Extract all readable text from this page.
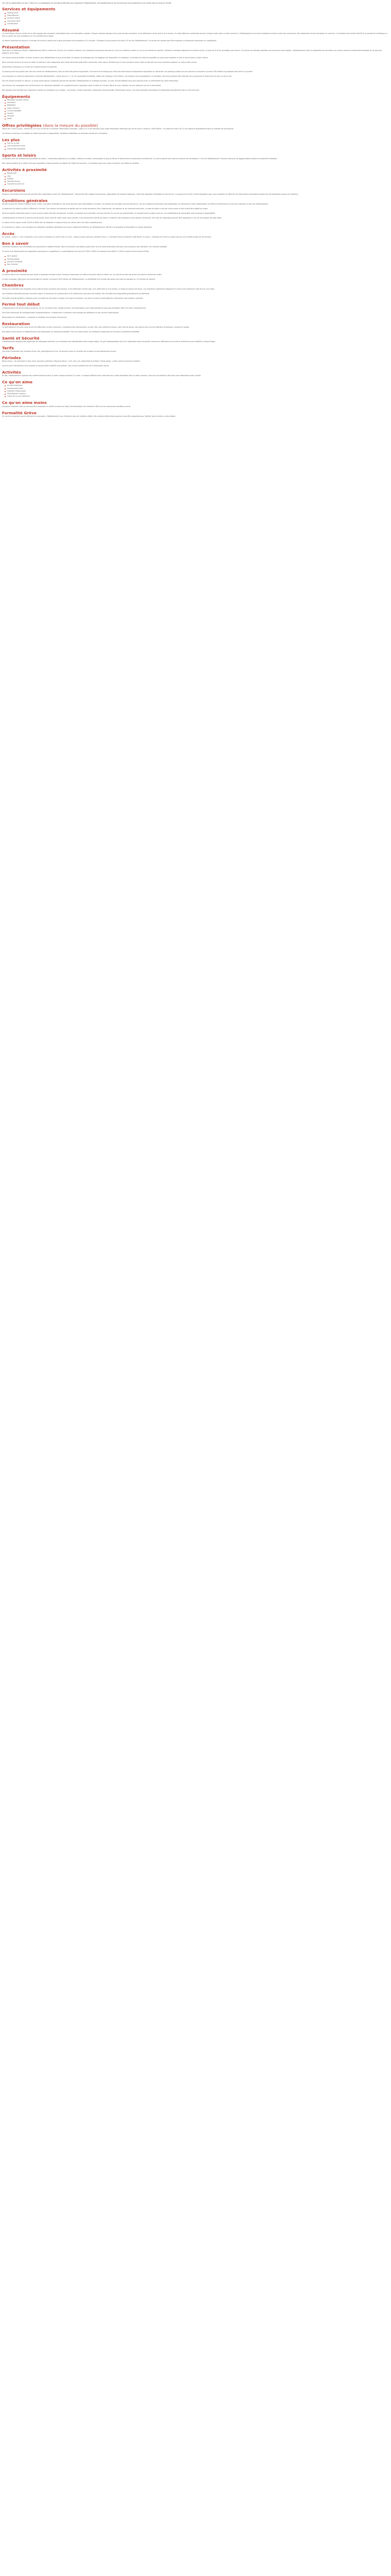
Ceci est la présentation du site. Il décrit en un paragraphe les principaux éléments qui composent l'établissement, ses équipements et les services que nous proposons à nos clients tout au long de l'année.

Services et équipements
Parking privé
Petit-déjeuner
Animaux admis
Connexion Wi-Fi
Climatisation
Résumé

Le Guest Room situé au centre de la ville propose des chambres confortables avec une décoration soignée. Chaque chambre dispose d'une salle de bains privative, d'une télévision à écran plat et d'un bureau. Un petit-déjeuner continental est servi chaque matin dans la salle commune. L'établissement se trouve à quelques minutes à pied des commerces, des restaurants et des transports en commun. La réception est ouverte 24h/24 et le personnel multilingue se fera un plaisir de vous renseigner sur les activités de la région.

Le centre historique se trouve à 5 minutes de marche, tandis que la gare principale est accessible en 10 minutes. L'aéroport le plus proche est situé à 25 km de l'établissement. Un service de navette peut être organisé sur demande moyennant un supplément.

Présentation

Situé dans un bâtiment rénové, l'établissement allie le charme de l'ancien et le confort moderne. Les chambres lumineuses donnent sur une cour intérieure calme ou sur la rue animée du quartier. Certaines chambres disposent d'un balcon privé. Le linge de lit et les serviettes sont fournis. Un service de ménage quotidien est assuré par notre équipe. L'établissement met à la disposition de ses hôtes une cuisine commune entièrement équipée où ils pourront préparer leurs repas.

Les clients peuvent profiter du salon commun avec bibliothèque et jeux de société. Un espace de stockage pour les bagages est disponible à la réception. La location de vélos est possible sur place pour explorer la ville et ses environs à votre rythme.

Nous sommes heureux de vous accueillir et restons à votre disposition pour toute demande particulière concernant votre séjour. N'hésitez pas à nous contacter avant votre arrivée afin que nous puissions préparer au mieux votre venue.

Informations pratiques sur l'accès et le stationnement à proximité.

Le parking privé est gratuit pour tous les clients de l'établissement, dans la limite des places disponibles. Une borne de recharge pour véhicules électriques est également disponible sur demande. Les parkings publics les plus proches se trouvent à environ 300 mètres et proposent des tarifs à la journée.

Les transports en commun desservent le quartier régulièrement : lignes de bus 3, 7 et 12 à proximité immédiate, station de tramway à 400 mètres. Les horaires sont consultables à la réception. Des taxis peuvent être réservés par le personnel à toute heure du jour ou de la nuit.

Pour les clients arrivant en voiture, un accès facile depuis l'autoroute permet de rejoindre l'établissement en quelques minutes. Un plan d'accès détaillé vous sera transmis avec la confirmation de votre réservation.

Les animaux de compagnie sont les bienvenus sur demande préalable. Un supplément peut s'appliquer selon la taille de l'animal. Merci de nous informer de leur présence lors de la réservation.

Nos équipes sont formées pour répondre à toutes vos questions sur la région : excursions, visites culturelles, restaurants recommandés, événements locaux. Une documentation touristique est disponible gratuitement dans le hall d'accueil.

Équipements
Réception ouverte 24h/24
Ascenseur
Bagagerie
Salon commun
Cuisine partagée
Laverie
Terrasse
Jardin
Offres privilégiées (dans la mesure du possible)

Séjour de 3 nuits ou plus : remise de 10 % sur le tarif de la chambre. Réservation anticipée : jusqu'à 15 % de réduction pour toute réservation effectuée plus de 60 jours à l'avance. Offre famille : un enfant de moins de 12 ans séjourne gratuitement dans la chambre de ses parents.

Les offres ne sont pas cumulables et restent soumises à disponibilité. Conditions détaillées sur demande auprès de la réception.

Les plus
Vue sur la ville
Cour intérieure calme
Proche des transports
Sports et loisirs

Le quartier offre de nombreuses possibilités de loisirs : randonnées pédestres et cyclistes, visites de musées, promenades le long du fleuve et découverte du patrimoine architectural. Un centre sportif avec piscine couverte est accessible à 1 km de l'établissement. Plusieurs parcours de jogging balisés partent à proximité immédiate.

Des visites guidées de la vieille ville sont organisées chaque semaine au départ de l'office de tourisme. La réception peut vous aider à réserver vos billets et activités.

Activités à proximité
Randonnée
Vélo
Musées
Marchés locaux
Concerts en plein air
Excursions

Plusieurs excursions d'une journée peuvent être organisées à partir de l'établissement : découverte des villages environnants, dégustation de produits régionaux, visite des vignobles et balades en bord de lac. Le personnel se tient à votre disposition pour vous conseiller et effectuer les réservations nécessaires auprès de nos partenaires locaux de confiance.

Conditions générales

Arrivée à partir de 15h00 et départ avant 11h00. Une pièce d'identité et une carte bancaire sont demandées à l'arrivée. Les enfants de tous âges sont les bienvenus. Les lits d'appoint et berceaux sont disponibles sur demande et selon disponibilité. Les fêtes et événements ne sont pas autorisés au sein de l'établissement.

Le paiement du solde du séjour s'effectue à l'arrivée. Les moyens de paiement acceptés sont les cartes bancaires (Visa, Mastercard), les espèces et les virements bancaires. La taxe de séjour n'est pas incluse dans le tarif et doit être réglée sur place.

Toute annulation effectuée jusqu'à 7 jours avant la date d'arrivée est gratuite. Au-delà, le montant de la première nuit sera facturé. En cas de non-présentation, le montant total du séjour sera dû. Les modifications de réservation sont soumises à disponibilité.

L'établissement se réserve le droit de pré-autoriser votre carte de crédit avant votre arrivée. Il est strictement interdit de fumer à l'intérieur des chambres et des parties communes. Des frais de nettoyage pourront être appliqués en cas de non-respect de cette règle.

Le calme est de rigueur entre 22h00 et 8h00 afin de respecter le repos de tous les clients. Merci de votre compréhension.

En réservant un séjour, vous acceptez les présentes conditions générales ainsi que le règlement intérieur de l'établissement, affiché à la réception et disponible sur simple demande.

Accès

En voiture : sortie n° 4 de l'autoroute, puis suivre la direction du centre-ville. En train : depuis la gare centrale, prendre le bus n° 7 direction Place du Marché, arrêt Mairie. En avion : l'aéroport est relié au centre-ville par une navette toutes les 30 minutes.

Bon à savoir

Certaines chambres sont accessibles aux personnes à mobilité réduite. Merci de préciser vos besoins particuliers lors de votre réservation afin que nous puissions vous attribuer une chambre adaptée.

Un service de blanchisserie est disponible moyennant un supplément. Le petit-déjeuner est servi de 7h00 à 10h00 en semaine et de 8h00 à 11h00 le week-end et les jours fériés.

Wi-Fi gratuit
Parking gratuit
Animaux acceptés
Non-fumeurs
À proximité

Le centre-ville et ses commerces sont situés à quelques minutes à pied. Plusieurs restaurants et cafés se trouvent dans la même rue. Le marché couvert est ouvert du mardi au dimanche matin.

Le parc municipal, idéal pour une promenade en famille, se trouve à 200 mètres de l'établissement. La cathédrale et le musée des beaux-arts sont accessibles en 10 minutes de marche.

Chambres

Toutes nos chambres sont équipées d'une salle de bains privative avec douche, d'une télévision à écran plat, d'un coffre-fort et d'un bureau. Le linge de maison est fourni. Les chambres supérieures disposent en outre d'une machine à café et d'un coin salon.

Les chambres familiales peuvent accueillir jusqu'à 4 personnes et comprennent un lit double ainsi que deux lits simples. Des lits bébé sont disponibles gratuitement sur demande.

Consultez la grille tarifaire ci-dessous pour connaître les prix selon la saison et le type de chambre. Les tarifs incluent le petit-déjeuner continental, sauf mention contraire.

Fermé tout début

L'établissement est fermé chaque année du 1er au 15 janvier pour congés annuels. Les réservations pour cette période ne sont pas acceptées. Merci de votre compréhension.

Pour toute demande de renseignements complémentaires, n'hésitez pas à contacter notre équipe par téléphone ou par courrier électronique.

Réservations et informations : contactez la réception aux horaires d'ouverture.

Restauration

Le petit-déjeuner est servi sous forme de buffet dans la salle commune. Il comprend des viennoiseries, du pain frais, des confitures maison, des fruits de saison, des yaourts ainsi qu'une sélection de boissons chaudes et froides.

Des options sans gluten et végétariennes sont disponibles sur demande préalable. Pour les autres repas, de nombreux restaurants se trouvent à proximité immédiate.

Santé et Sécurité

L'établissement applique des protocoles de nettoyage renforcés. Les chambres sont désinfectées entre chaque séjour. Du gel hydroalcoolique est mis à disposition dans les parties communes. Détecteurs de fumée et extincteurs sont installés à chaque étage.

Tarifs

Les tarifs s'entendent par chambre et par nuit, petit-déjeuner inclus. Ils peuvent varier en fonction de la saison et des événements locaux.

Périodes

Basse saison : de novembre à mars (hors vacances scolaires). Moyenne saison : avril, mai, juin, septembre et octobre. Haute saison : juillet, août et vacances scolaires.

Les prix sont mentionnés à titre indicatif et peuvent être modifiés sans préavis. Seul le tarif confirmé lors de la réservation fait foi.

Activités

En été, l'établissement organise des soirées barbecue dans le jardin chaque vendredi. En hiver, un espace détente avec cheminée est à votre disposition dans le salon commun. Des jeux de société et des livres sont disponibles toute l'année.

Ce qu'on aime
Accueil chaleureux
Emplacement idéal
Propreté irréprochable
Petit-déjeuner copieux
Calme de la cour intérieure
Ce qu'on aime moins

Certaines chambres côté rue peuvent être bruyantes en soirée le week-end. Nous recommandons les chambres côté cour aux personnes sensibles au bruit.

Formalité Grève

En cas de mouvement social affectant les transports, l'établissement vous informera dans les meilleurs délais. Des solutions alternatives pourront vous être proposées pour faciliter votre arrivée ou votre départ.
